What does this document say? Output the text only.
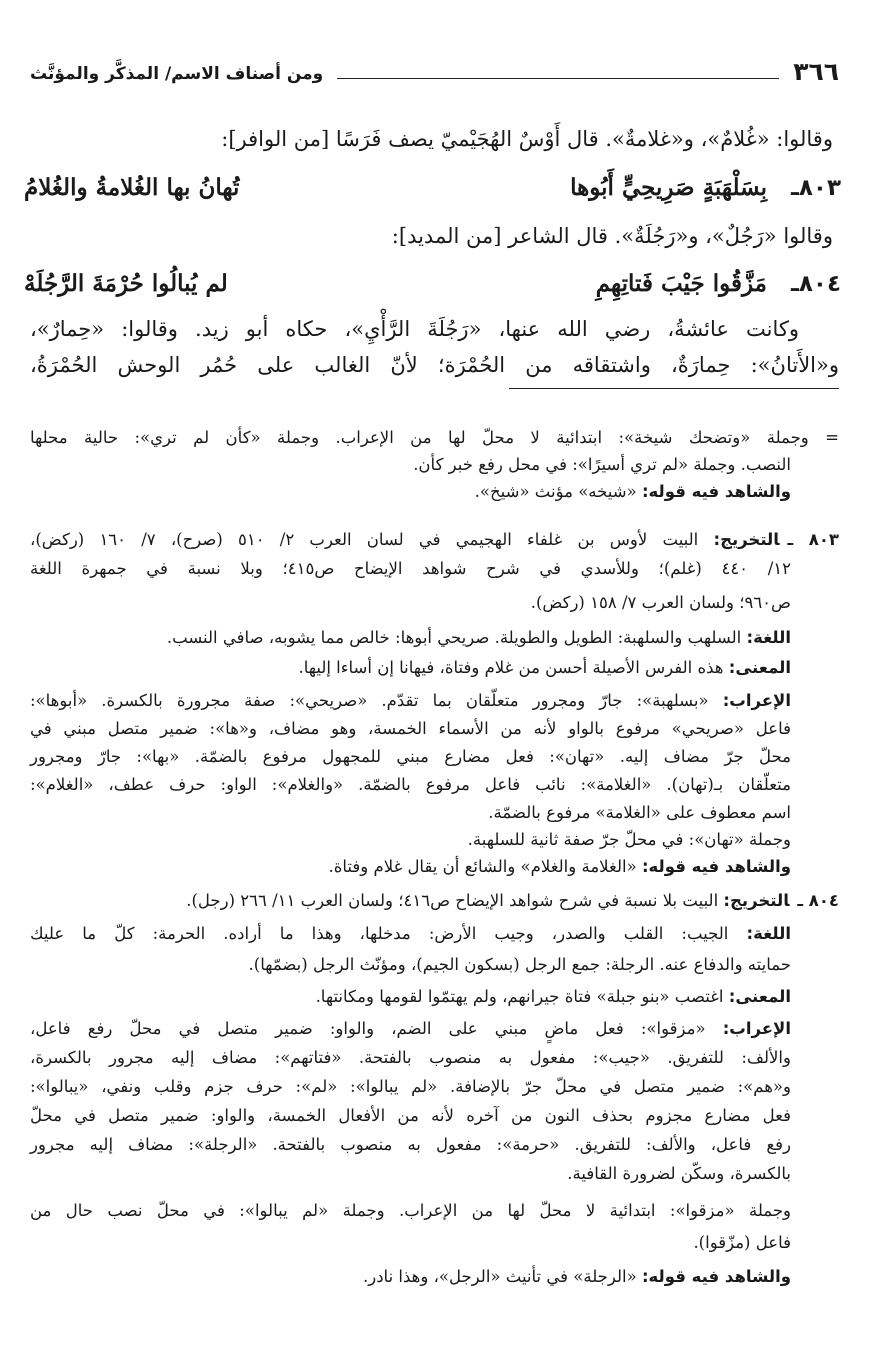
٣٦٦
ومن أصناف الاسم/ المذكَّر والمؤنَّث
وقالوا: «غُلامٌ»، و«غلامةٌ». قال أَوْسٌ الهُجَيْميّ يصف فَرَسًا [من الوافر]:
٨٠٣ـ
بِسَلْهَبَةٍ صَرِيحِيٍّ أَبُوها
تُهانُ بها الغُلامةُ والغُلامُ
وقالوا «رَجُلٌ»، و«رَجُلَةٌ». قال الشاعر [من المديد]:
٨٠٤ـ
مَزَّقُوا جَيْبَ فَتاتِهِمِ
لم يُبالُوا حُرْمَةَ الرَّجُلَهْ
وكانت عائشةُ، رضي الله عنها، «رَجُلَةَ الرَّأْيِ»، حكاه أبو زيد. وقالوا: «حِمارٌ»،
و«الأَتانُ»: حِمارَةٌ، واشتقاقه من الحُمْرَة؛ لأنّ الغالب على حُمُر الوحش الحُمْرَةُ،
= وجملة «وتضحك شيخة»: ابتدائية لا محلّ لها من الإعراب. وجملة «كأن لم تري»: حالية محلها
النصب. وجملة «لم تري أسيرًا»: في محل رفع خبر كأن.
والشاهد فيه قوله: «شيخه» مؤنث «شيخ».
٨٠٣ ـالتخريج: البيت لأوس بن غلفاء الهجيمي في لسان العرب ٢/ ٥١٠ (صرح)، ٧/ ١٦٠ (ركض)،
١٢/ ٤٤٠ (غلم)؛ وللأسدي في شرح شواهد الإيضاح ص٤١٥؛ وبلا نسبة في جمهرة اللغة
ص٩٦٠؛ ولسان العرب ٧/ ١٥٨ (ركض).
اللغة: السلهب والسلهبة: الطويل والطويلة. صريحي أبوها: خالص مما يشوبه، صافي النسب.
المعنى: هذه الفرس الأصيلة أحسن من غلام وفتاة، فيهانا إن أساءا إليها.
الإعراب: «بسلهبة»: جارّ ومجرور متعلّقان بما تقدّم. «صريحي»: صفة مجرورة بالكسرة. «أبوها»:
فاعل «صريحي» مرفوع بالواو لأنه من الأسماء الخمسة، وهو مضاف، و«ها»: ضمير متصل مبني في
محلّ جرّ مضاف إليه. «تهان»: فعل مضارع مبني للمجهول مرفوع بالضمّة. «بها»: جارّ ومجرور
متعلّقان بـ(تهان). «الغلامة»: نائب فاعل مرفوع بالضمّة. «والغلام»: الواو: حرف عطف، «الغلام»:
اسم معطوف على «الغلامة» مرفوع بالضمّة.
وجملة «تهان»: في محلّ جرّ صفة ثانية للسلهبة.
والشاهد فيه قوله: «الغلامة والغلام» والشائع أن يقال غلام وفتاة.
٨٠٤ ـالتخريج: البيت بلا نسبة في شرح شواهد الإيضاح ص٤١٦؛ ولسان العرب ١١/ ٢٦٦ (رجل).
اللغة: الجيب: القلب والصدر، وجيب الأرض: مدخلها، وهذا ما أراده. الحرمة: كلّ ما عليك
حمايته والدفاع عنه. الرجلة: جمع الرجل (بسكون الجيم)، ومؤنّث الرجل (بضمّها).
المعنى: اغتصب «بنو جبلة» فتاة جيرانهم، ولم يهتمّوا لقومها ومكانتها.
الإعراب: «مزقوا»: فعل ماضٍ مبني على الضم، والواو: ضمير متصل في محلّ رفع فاعل،
والألف: للتفريق. «جيب»: مفعول به منصوب بالفتحة. «فتاتهم»: مضاف إليه مجرور بالكسرة،
و«هم»: ضمير متصل في محلّ جرّ بالإضافة. «لم يبالوا»: «لم»: حرف جزم وقلب ونفي، «يبالوا»:
فعل مضارع مجزوم بحذف النون من آخره لأنه من الأفعال الخمسة، والواو: ضمير متصل في محلّ
رفع فاعل، والألف: للتفريق. «حرمة»: مفعول به منصوب بالفتحة. «الرجلة»: مضاف إليه مجرور
بالكسرة، وسكّن لضرورة القافية.
وجملة «مزقوا»: ابتدائية لا محلّ لها من الإعراب. وجملة «لم يبالوا»: في محلّ نصب حال من
فاعل (مزّقوا).
والشاهد فيه قوله: «الرجلة» في تأنيث «الرجل»، وهذا نادر.
